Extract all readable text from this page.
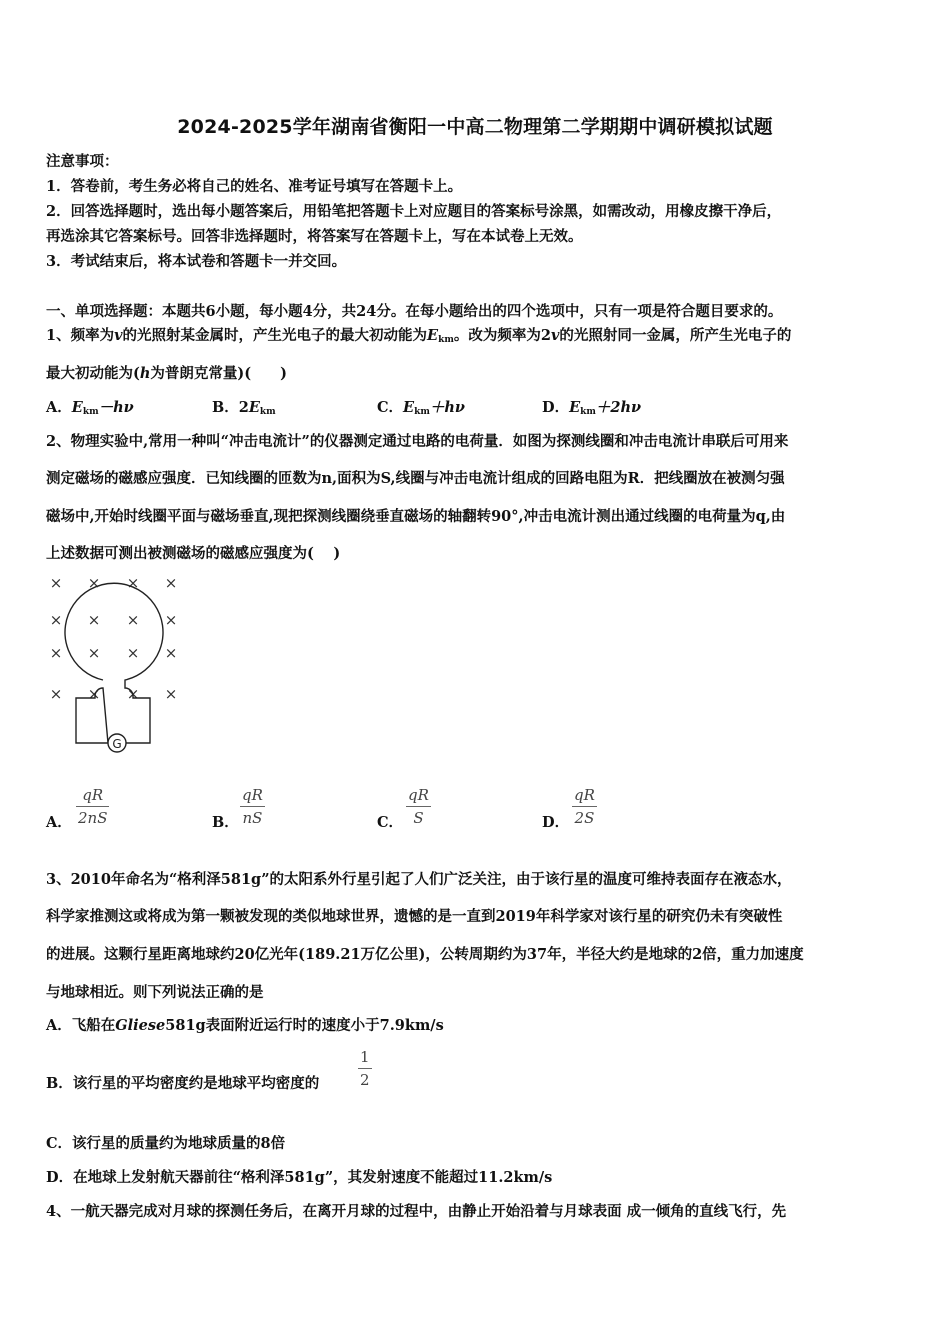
2024-2025学年湖南省衡阳一中高二物理第二学期期中调研模拟试题
注意事项：
1．答卷前，考生务必将自己的姓名、准考证号填写在答题卡上。
2．回答选择题时，选出每小题答案后，用铅笔把答题卡上对应题目的答案标号涂黑，如需改动，用橡皮擦干净后，
再选涂其它答案标号。回答非选择题时，将答案写在答题卡上，写在本试卷上无效。
3．考试结束后，将本试卷和答题卡一并交回。
一、单项选择题：本题共6小题，每小题4分，共24分。在每小题给出的四个选项中，只有一项是符合题目要求的。
1、频率为v的光照射某金属时，产生光电子的最大初动能为$E_{km}$。改为频率为2v的光照射同一金属，所产生光电子的
最大初动能为(h为普朗克常量)(　　)
A．$E_{km}-h\nu$	B．$2E_{km}$	C．$E_{km}+h\nu$	D．$E_{km}+2h\nu$
2、物理实验中,常用一种叫“冲击电流计”的仪器测定通过电路的电荷量．如图为探测线圈和冲击电流计串联后可用来
测定磁场的磁感应强度．已知线圈的匝数为n,面积为S,线圈与冲击电流计组成的回路电阻为R．把线圈放在被测匀强
磁场中,开始时线圈平面与磁场垂直,现把探测线圈绕垂直磁场的轴翻转90°,冲击电流计测出通过线圈的电荷量为q,由
上述数据可测出被测磁场的磁感应强度为(　 )
× × × ×
× × × ×
× × × ×
× × × ×
G
A．
qR
2nS	B．
qR
nS	C．
qR
S	D．
qR
2S
3、2010年命名为“格利泽581g”的太阳系外行星引起了人们广泛关注，由于该行星的温度可维持表面存在液态水，
科学家推测这或将成为第一颗被发现的类似地球世界，遗憾的是一直到2019年科学家对该行星的研究仍未有突破性
的进展。这颗行星距离地球约20亿光年(189.21万亿公里)，公转周期约为37年，半径大约是地球的2倍，重力加速度
与地球相近。则下列说法正确的是
A．飞船在Gliese581g表面附近运行时的速度小于7.9km/s
B．该行星的平均密度约是地球平均密度的
1
2
C．该行星的质量约为地球质量的8倍
D．在地球上发射航天器前往“格利泽581g”，其发射速度不能超过11.2km/s
4、一航天器完成对月球的探测任务后，在离开月球的过程中，由静止开始沿着与月球表面 成一倾角的直线飞行，先
